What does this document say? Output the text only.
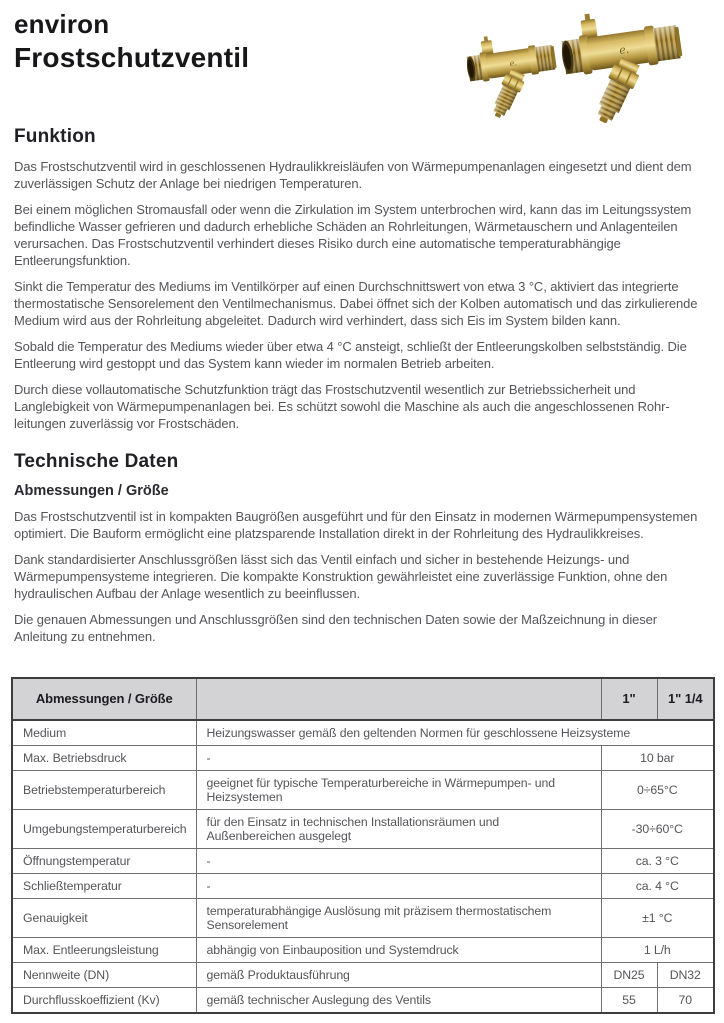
environ
Frostschutzventil	e.
Funktion

Das Frostschutzventil wird in geschlossenen Hydraulikkreisläufen von Wärmepumpenanlagen eingesetzt und dient dem zuverlässigen Schutz der Anlage bei niedrigen Temperaturen.

Bei einem möglichen Stromausfall oder wenn die Zirkulation im System unterbrochen wird, kann das im Leitungssystem befindliche Wasser gefrieren und dadurch erhebliche Schäden an Rohrleitungen, Wärmetauschern und Anlagenteilen verursachen. Das Frostschutzventil verhindert dieses Risiko durch eine automatische temperaturabhängige Entleerungsfunktion.

Sinkt die Temperatur des Mediums im Ventilkörper auf einen Durchschnittswert von etwa 3 °C, aktiviert das integrierte thermostatische Sensorelement den Ventilmechanismus. Dabei öffnet sich der Kolben automatisch und das zirkulierende Medium wird aus der Rohrleitung abgeleitet. Dadurch wird verhindert, dass sich Eis im System bilden kann.

Sobald die Temperatur des Mediums wieder über etwa 4 °C ansteigt, schließt der Entleerungskolben selbstständig. Die Entleerung wird gestoppt und das System kann wieder im normalen Betrieb arbeiten.

Durch diese vollautomatische Schutzfunktion trägt das Frostschutzventil wesentlich zur Betriebssicherheit und Langlebigkeit von Wärmepumpenanlagen bei. Es schützt sowohl die Maschine als auch die angeschlossenen Rohrleitungen zuverlässig vor Frostschäden.

Technische Daten
Abmessungen / Größe

Das Frostschutzventil ist in kompakten Baugrößen ausgeführt und für den Einsatz in modernen Wärmepumpensystemen optimiert. Die Bauform ermöglicht eine platzsparende Installation direkt in der Rohrleitung des Hydraulikkreises.

Dank standardisierter Anschlussgrößen lässt sich das Ventil einfach und sicher in bestehende Heizungs- und Wärmepumpensysteme integrieren. Die kompakte Konstruktion gewährleistet eine zuverlässige Funktion, ohne den hydraulischen Aufbau der Anlage wesentlich zu beeinflussen.

Die genauen Abmessungen und Anschlussgrößen sind den technischen Daten sowie der Maßzeichnung in dieser Anleitung zu entnehmen.

Abmessungen / Größe		1"	1" 1/4
Medium	Heizungswasser gemäß den geltenden Normen für geschlossene Heizsysteme		
Max. Betriebsdruck	-	10 bar	
Betriebstemperaturbereich	geeignet für typische Temperaturbereiche in Wärmepumpen- und Heizsystemen	0÷65°C	
Umgebungstemperaturbereich	für den Einsatz in technischen Installationsräumen und Außenbereichen ausgelegt	-30÷60°C	
Öffnungstemperatur	-	ca. 3 °C	
Schließtemperatur	-	ca. 4 °C	
Genauigkeit	temperaturabhängige Auslösung mit präzisem thermostatischem Sensorelement	±1 °C	
Max. Entleerungsleistung	abhängig von Einbauposition und Systemdruck	1 L/h	
Nennweite (DN)	gemäß Produktausführung	DN25	DN32
Durchflusskoeffizient (Kv)	gemäß technischer Auslegung des Ventils	55	70
